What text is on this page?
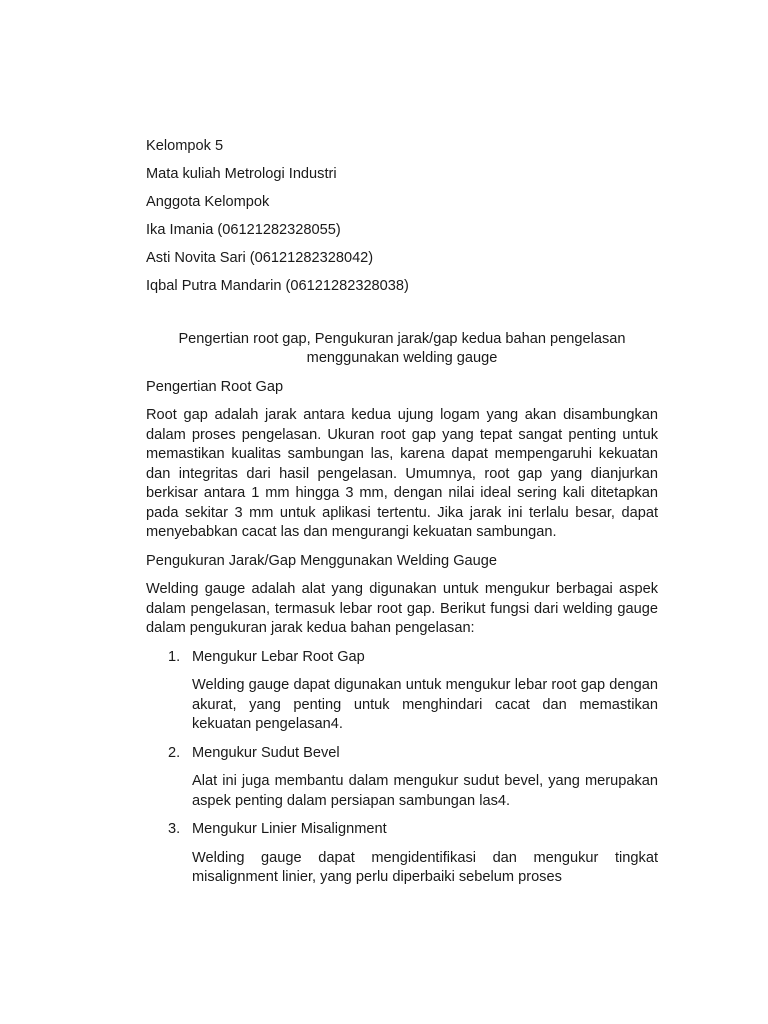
Kelompok 5

Mata kuliah Metrologi Industri

Anggota Kelompok

Ika Imania (06121282328055)

Asti Novita Sari (06121282328042)

Iqbal Putra Mandarin (06121282328038)

Pengertian root gap, Pengukuran jarak/gap kedua bahan pengelasan menggunakan welding gauge

Pengertian Root Gap

Root gap adalah jarak antara kedua ujung logam yang akan disambungkan dalam proses pengelasan. Ukuran root gap yang tepat sangat penting untuk memastikan kualitas sambungan las, karena dapat mempengaruhi kekuatan dan integritas dari hasil pengelasan. Umumnya, root gap yang dianjurkan berkisar antara 1 mm hingga 3 mm, dengan nilai ideal sering kali ditetapkan pada sekitar 3 mm untuk aplikasi tertentu. Jika jarak ini terlalu besar, dapat menyebabkan cacat las dan mengurangi kekuatan sambungan.

Pengukuran Jarak/Gap Menggunakan Welding Gauge

Welding gauge adalah alat yang digunakan untuk mengukur berbagai aspek dalam pengelasan, termasuk lebar root gap. Berikut fungsi dari welding gauge dalam pengukuran jarak kedua bahan pengelasan:

1. Mengukur Lebar Root Gap

Welding gauge dapat digunakan untuk mengukur lebar root gap dengan akurat, yang penting untuk menghindari cacat dan memastikan kekuatan pengelasan4.

2. Mengukur Sudut Bevel

Alat ini juga membantu dalam mengukur sudut bevel, yang merupakan aspek penting dalam persiapan sambungan las4.

3. Mengukur Linier Misalignment

Welding gauge dapat mengidentifikasi dan mengukur tingkat misalignment linier, yang perlu diperbaiki sebelum proses
